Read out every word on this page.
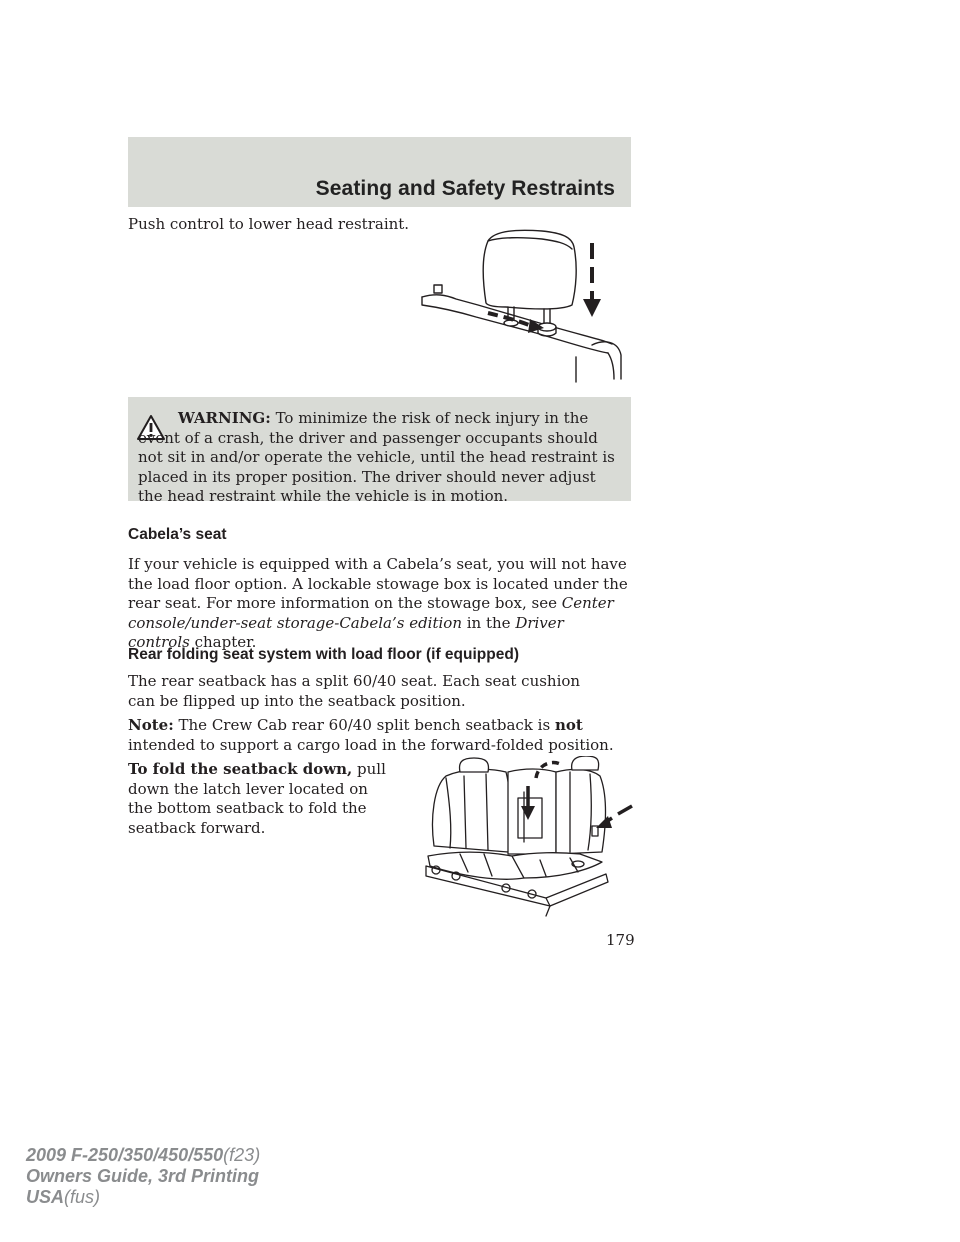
Seating and Safety Restraints

Push control to lower head restraint.

WARNING: To minimize the risk of neck injury in the event of a crash, the driver and passenger occupants should not sit in and/or operate the vehicle, until the head restraint is placed in its proper position. The driver should never adjust the head restraint while the vehicle is in motion.

Cabela’s seat

If your vehicle is equipped with a Cabela’s seat, you will not have the load floor option. A lockable stowage box is located under the rear seat. For more information on the stowage box, see Center console/under-seat storage-Cabela’s edition in the Driver controls chapter.

Rear folding seat system with load floor (if equipped)

The rear seatback has a split 60/40 seat. Each seat cushion can be flipped up into the seatback position.

Note: The Crew Cab rear 60/40 split bench seatback is not intended to support a cargo load in the forward-folded position.

To fold the seatback down, pull down the latch lever located on the bottom seatback to fold the seatback forward.

179
2009 F-250/350/450/550(f23)
Owners Guide, 3rd Printing
USA(fus)
